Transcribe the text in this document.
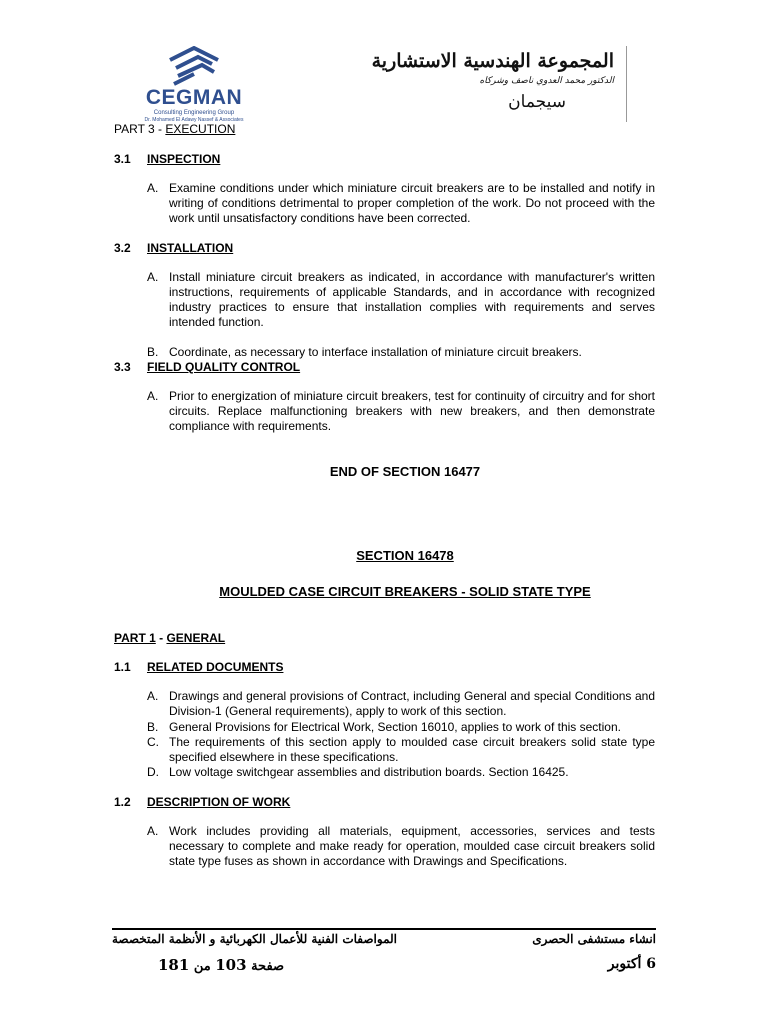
CEGMAN
Consulting Engineering Group
Dr. Mohamed El Adawy Nassef & Associates
المجموعة الهندسية الاستشارية
الدكتور محمد العدوي ناصف وشركاه
سيجمان
PART 3 - EXECUTION
3.1 INSPECTION
A. Examine conditions under which miniature circuit breakers are to be installed and notify in writing of conditions detrimental to proper completion of the work. Do not proceed with the work until unsatisfactory conditions have been corrected.
3.2 INSTALLATION
A. Install miniature circuit breakers as indicated, in accordance with manufacturer's written instructions, requirements of applicable Standards, and in accordance with recognized industry practices to ensure that installation complies with requirements and serves intended function.
B. Coordinate, as necessary to interface installation of miniature circuit breakers.
3.3 FIELD QUALITY CONTROL
A. Prior to energization of miniature circuit breakers, test for continuity of circuitry and for short circuits. Replace malfunctioning breakers with new breakers, and then demonstrate compliance with requirements.
END OF SECTION 16477
SECTION 16478
MOULDED CASE CIRCUIT BREAKERS - SOLID STATE TYPE
PART 1 - GENERAL
1.1 RELATED DOCUMENTS
A. Drawings and general provisions of Contract, including General and special Conditions and Division-1 (General requirements), apply to work of this section.
B. General Provisions for Electrical Work, Section 16010, applies to work of this section.
C. The requirements of this section apply to moulded case circuit breakers solid state type specified elsewhere in these specifications.
D. Low voltage switchgear assemblies and distribution boards. Section 16425.
1.2 DESCRIPTION OF WORK
A. Work includes providing all materials, equipment, accessories, services and tests necessary to complete and make ready for operation, moulded case circuit breakers solid state type fuses as shown in accordance with Drawings and Specifications.
المواصفات الفنية للأعمال الكهربائية و الأنظمة المتخصصة	انشاء مستشفى الحصرى
صفحة 103 من 181	6 أكتوبر
